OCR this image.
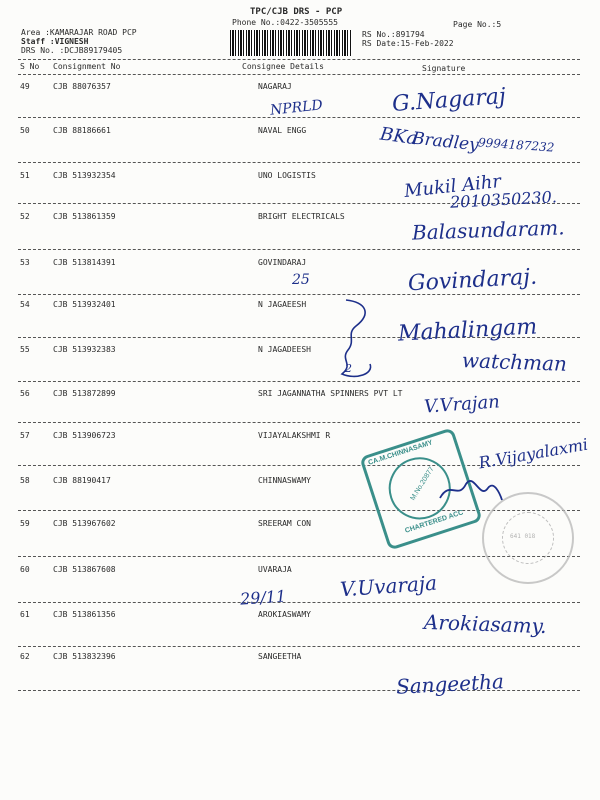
TPC/CJB DRS - PCP
Phone No.:0422-3505555	Page No.:5
Area :KAMARAJAR ROAD PCP
Staff :VIGNESH
DRS No. :DCJB89179405
RS No.:891794
RS Date:15-Feb-2022
S No Consignment No	Consignee Details	Signature
49	CJB 88076357	NAGARAJ
50	CJB 88186661	NAVAL ENGG
51	CJB 513932354	UNO LOGISTIS
52	CJB 513861359	BRIGHT ELECTRICALS
53	CJB 513814391	GOVINDARAJ
54	CJB 513932401	N JAGAEESH
55	CJB 513932383	N JAGADEESH
56	CJB 513872899	SRI JAGANNATHA SPINNERS PVT LT
57	CJB 513906723	VIJAYALAKSHMI R
58	CJB 88190417	CHINNASWAMY
59	CJB 513967602	SREERAM CON
60	CJB 513867608	UVARAJA
61	CJB 513861356	AROKIASWAMY
62	CJB 513832396	SANGEETHA
CA.M.CHINNASAMY
M.No.20877
CHARTERED ACC
641 018
NPRLD	G.Nagaraj
BKa
Bradley
9994187232
Mukil Aihr
2010350230.
Balasundaram.
25	Govindaraj.
2
Mahalingam
watchman
V.Vrajan
R.Vijayalaxmi
29/11	V.Uvaraja
Arokiasamy.
Sangeetha
